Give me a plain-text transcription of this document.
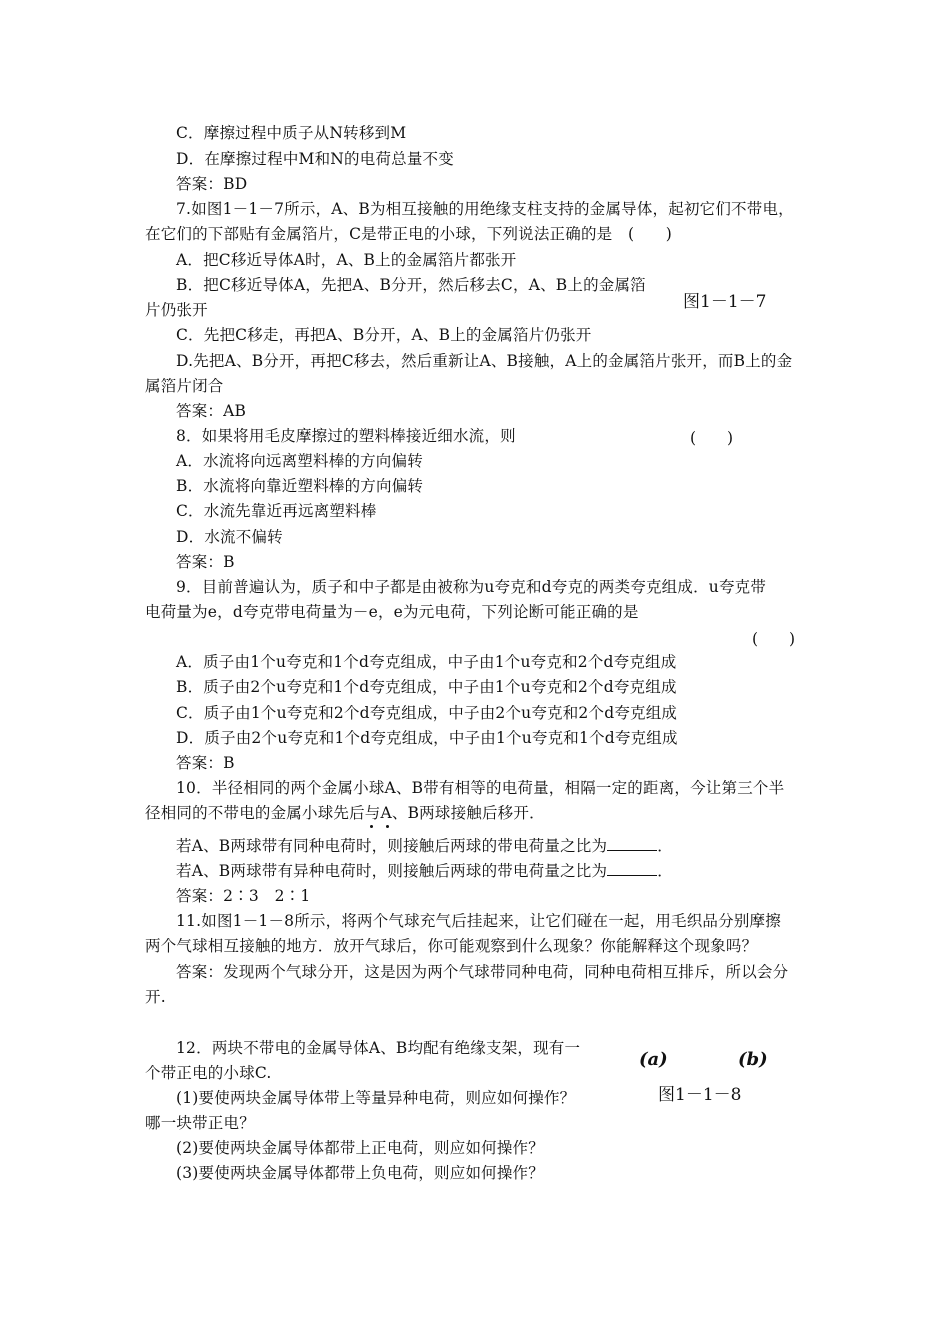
C．摩擦过程中质子从N转移到M
D．在摩擦过程中M和N的电荷总量不变
答案：BD
7.如图1－1－7所示，A、B为相互接触的用绝缘支柱支持的金属导体，起初它们不带电，
在它们的下部贴有金属箔片，C是带正电的小球，下列说法正确的是　(　　)
A．把C移近导体A时，A、B上的金属箔片都张开
B．把C移近导体A，先把A、B分开，然后移去C，A、B上的金属箔
片仍张开	图1－1－7
C．先把C移走，再把A、B分开，A、B上的金属箔片仍张开
D.先把A、B分开，再把C移去，然后重新让A、B接触，A上的金属箔片张开，而B上的金
属箔片闭合
答案：AB
8．如果将用毛皮摩擦过的塑料棒接近细水流，则	(　　)
A．水流将向远离塑料棒的方向偏转
B．水流将向靠近塑料棒的方向偏转
C．水流先靠近再远离塑料棒
D．水流不偏转
答案：B
9．目前普遍认为，质子和中子都是由被称为u夸克和d夸克的两类夸克组成．u夸克带
电荷量为e，d夸克带电荷量为－e，e为元电荷，下列论断可能正确的是
(　　)
A．质子由1个u夸克和1个d夸克组成，中子由1个u夸克和2个d夸克组成
B．质子由2个u夸克和1个d夸克组成，中子由1个u夸克和2个d夸克组成
C．质子由1个u夸克和2个d夸克组成，中子由2个u夸克和2个d夸克组成
D．质子由2个u夸克和1个d夸克组成，中子由1个u夸克和1个d夸克组成
答案：B
10．半径相同的两个金属小球A、B带有相等的电荷量，相隔一定的距离，今让第三个半
径相同的不带电的金属小球先后与A、B两球接触后移开．
若A、B两球带有同种电荷时，则接触后两球的带电荷量之比为	．
若A、B两球带有异种电荷时，则接触后两球的带电荷量之比为	．
答案：2∶3　2∶1
11.如图1－1－8所示，将两个气球充气后挂起来，让它们碰在一起，用毛织品分别摩擦
两个气球相互接触的地方．放开气球后，你可能观察到什么现象？你能解释这个现象吗？
答案：发现两个气球分开，这是因为两个气球带同种电荷，同种电荷相互排斥，所以会分
开.
12．两块不带电的金属导体A、B均配有绝缘支架，现有一
个带正电的小球C.
(a)	(b)
图1－1－8
(1)要使两块金属导体带上等量异种电荷，则应如何操作？
哪一块带正电？
(2)要使两块金属导体都带上正电荷，则应如何操作？
(3)要使两块金属导体都带上负电荷，则应如何操作？
